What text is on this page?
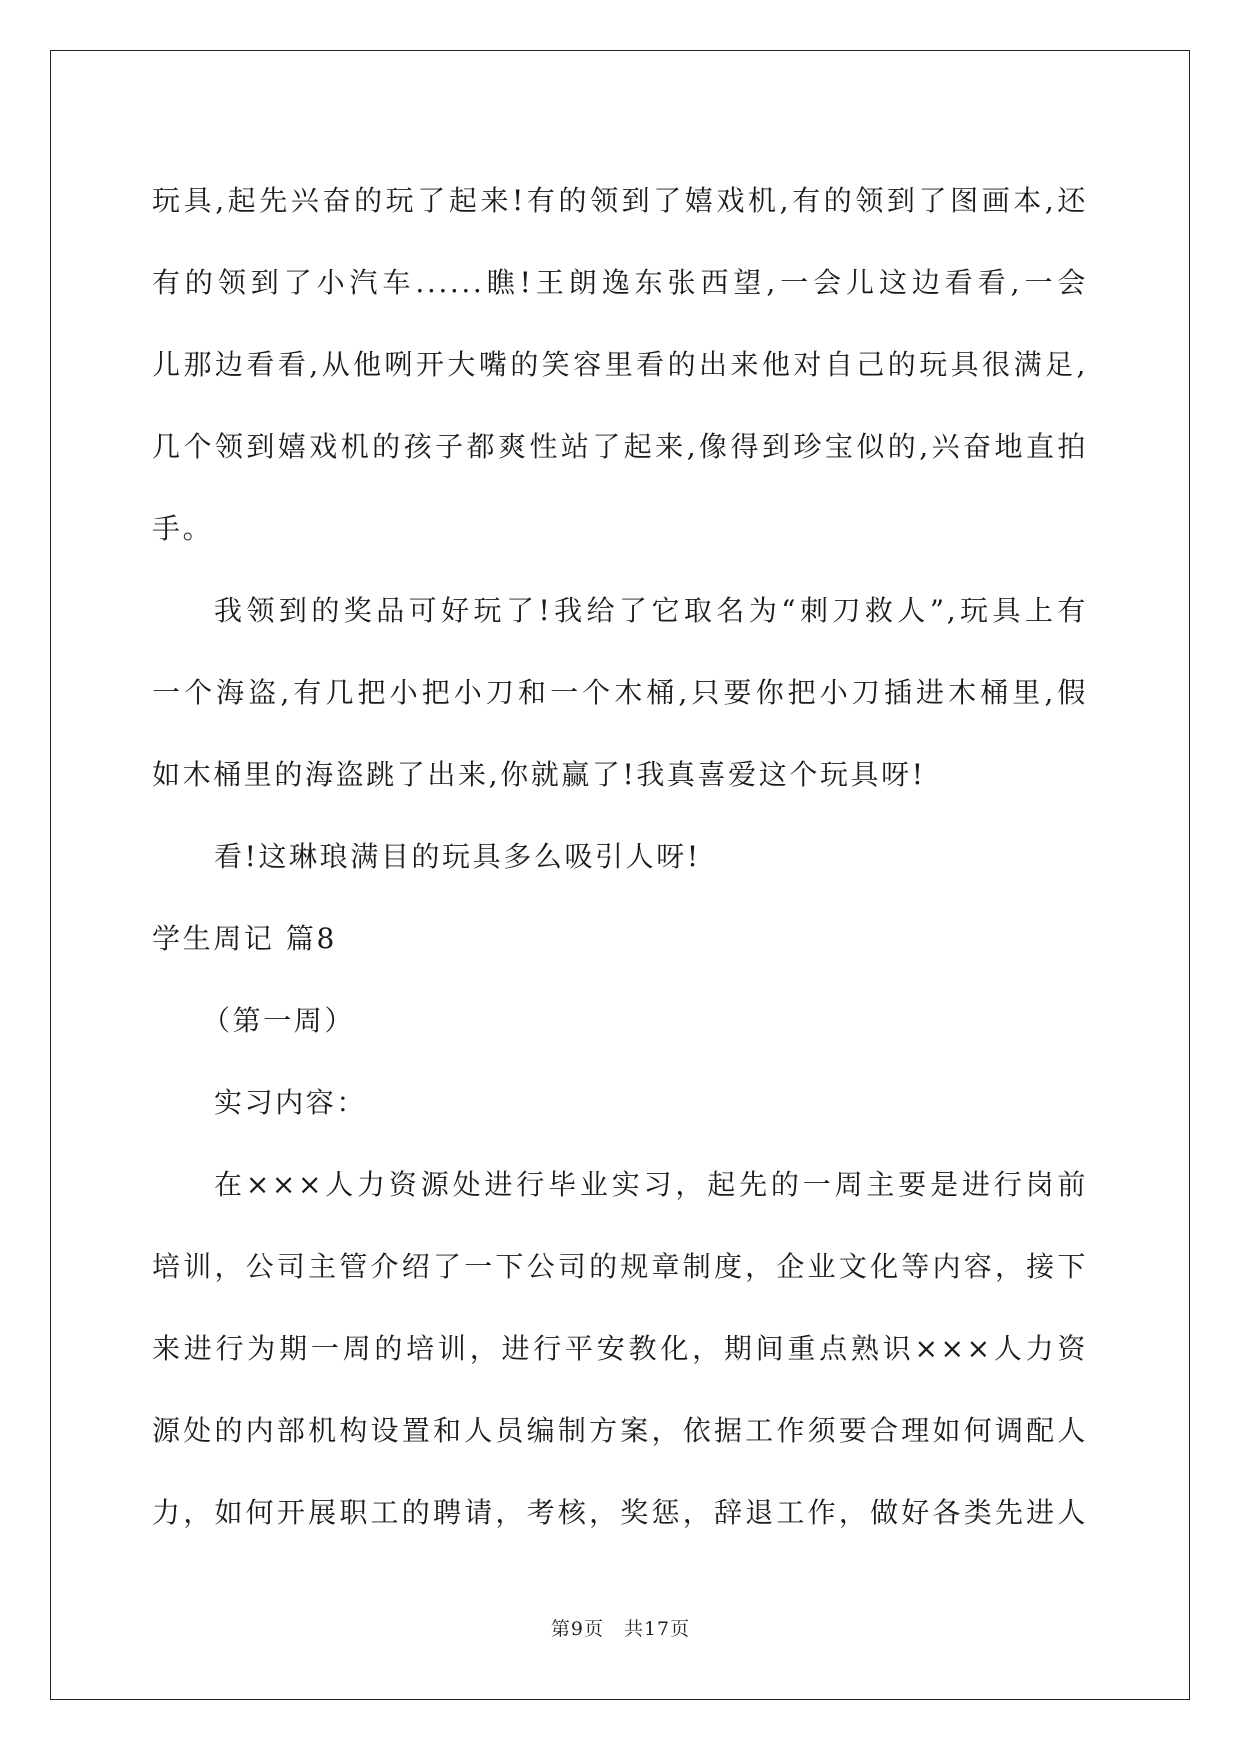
玩具,起先兴奋的玩了起来!有的领到了嬉戏机,有的领到了图画本,还
有的领到了小汽车......瞧!王朗逸东张西望,一会儿这边看看,一会
儿那边看看,从他咧开大嘴的笑容里看的出来他对自己的玩具很满足,
几个领到嬉戏机的孩子都爽性站了起来,像得到珍宝似的,兴奋地直拍
手。
我领到的奖品可好玩了!我给了它取名为“刺刀救人”,玩具上有
一个海盗,有几把小把小刀和一个木桶,只要你把小刀插进木桶里,假
如木桶里的海盗跳了出来,你就赢了!我真喜爱这个玩具呀!
看!这琳琅满目的玩具多么吸引人呀!
学生周记 篇8
（第一周）
实习内容：
在×××人力资源处进行毕业实习，起先的一周主要是进行岗前
培训，公司主管介绍了一下公司的规章制度，企业文化等内容，接下
来进行为期一周的培训，进行平安教化，期间重点熟识×××人力资
源处的内部机构设置和人员编制方案，依据工作须要合理如何调配人
力，如何开展职工的聘请，考核，奖惩，辞退工作，做好各类先进人
第9页 共17页
